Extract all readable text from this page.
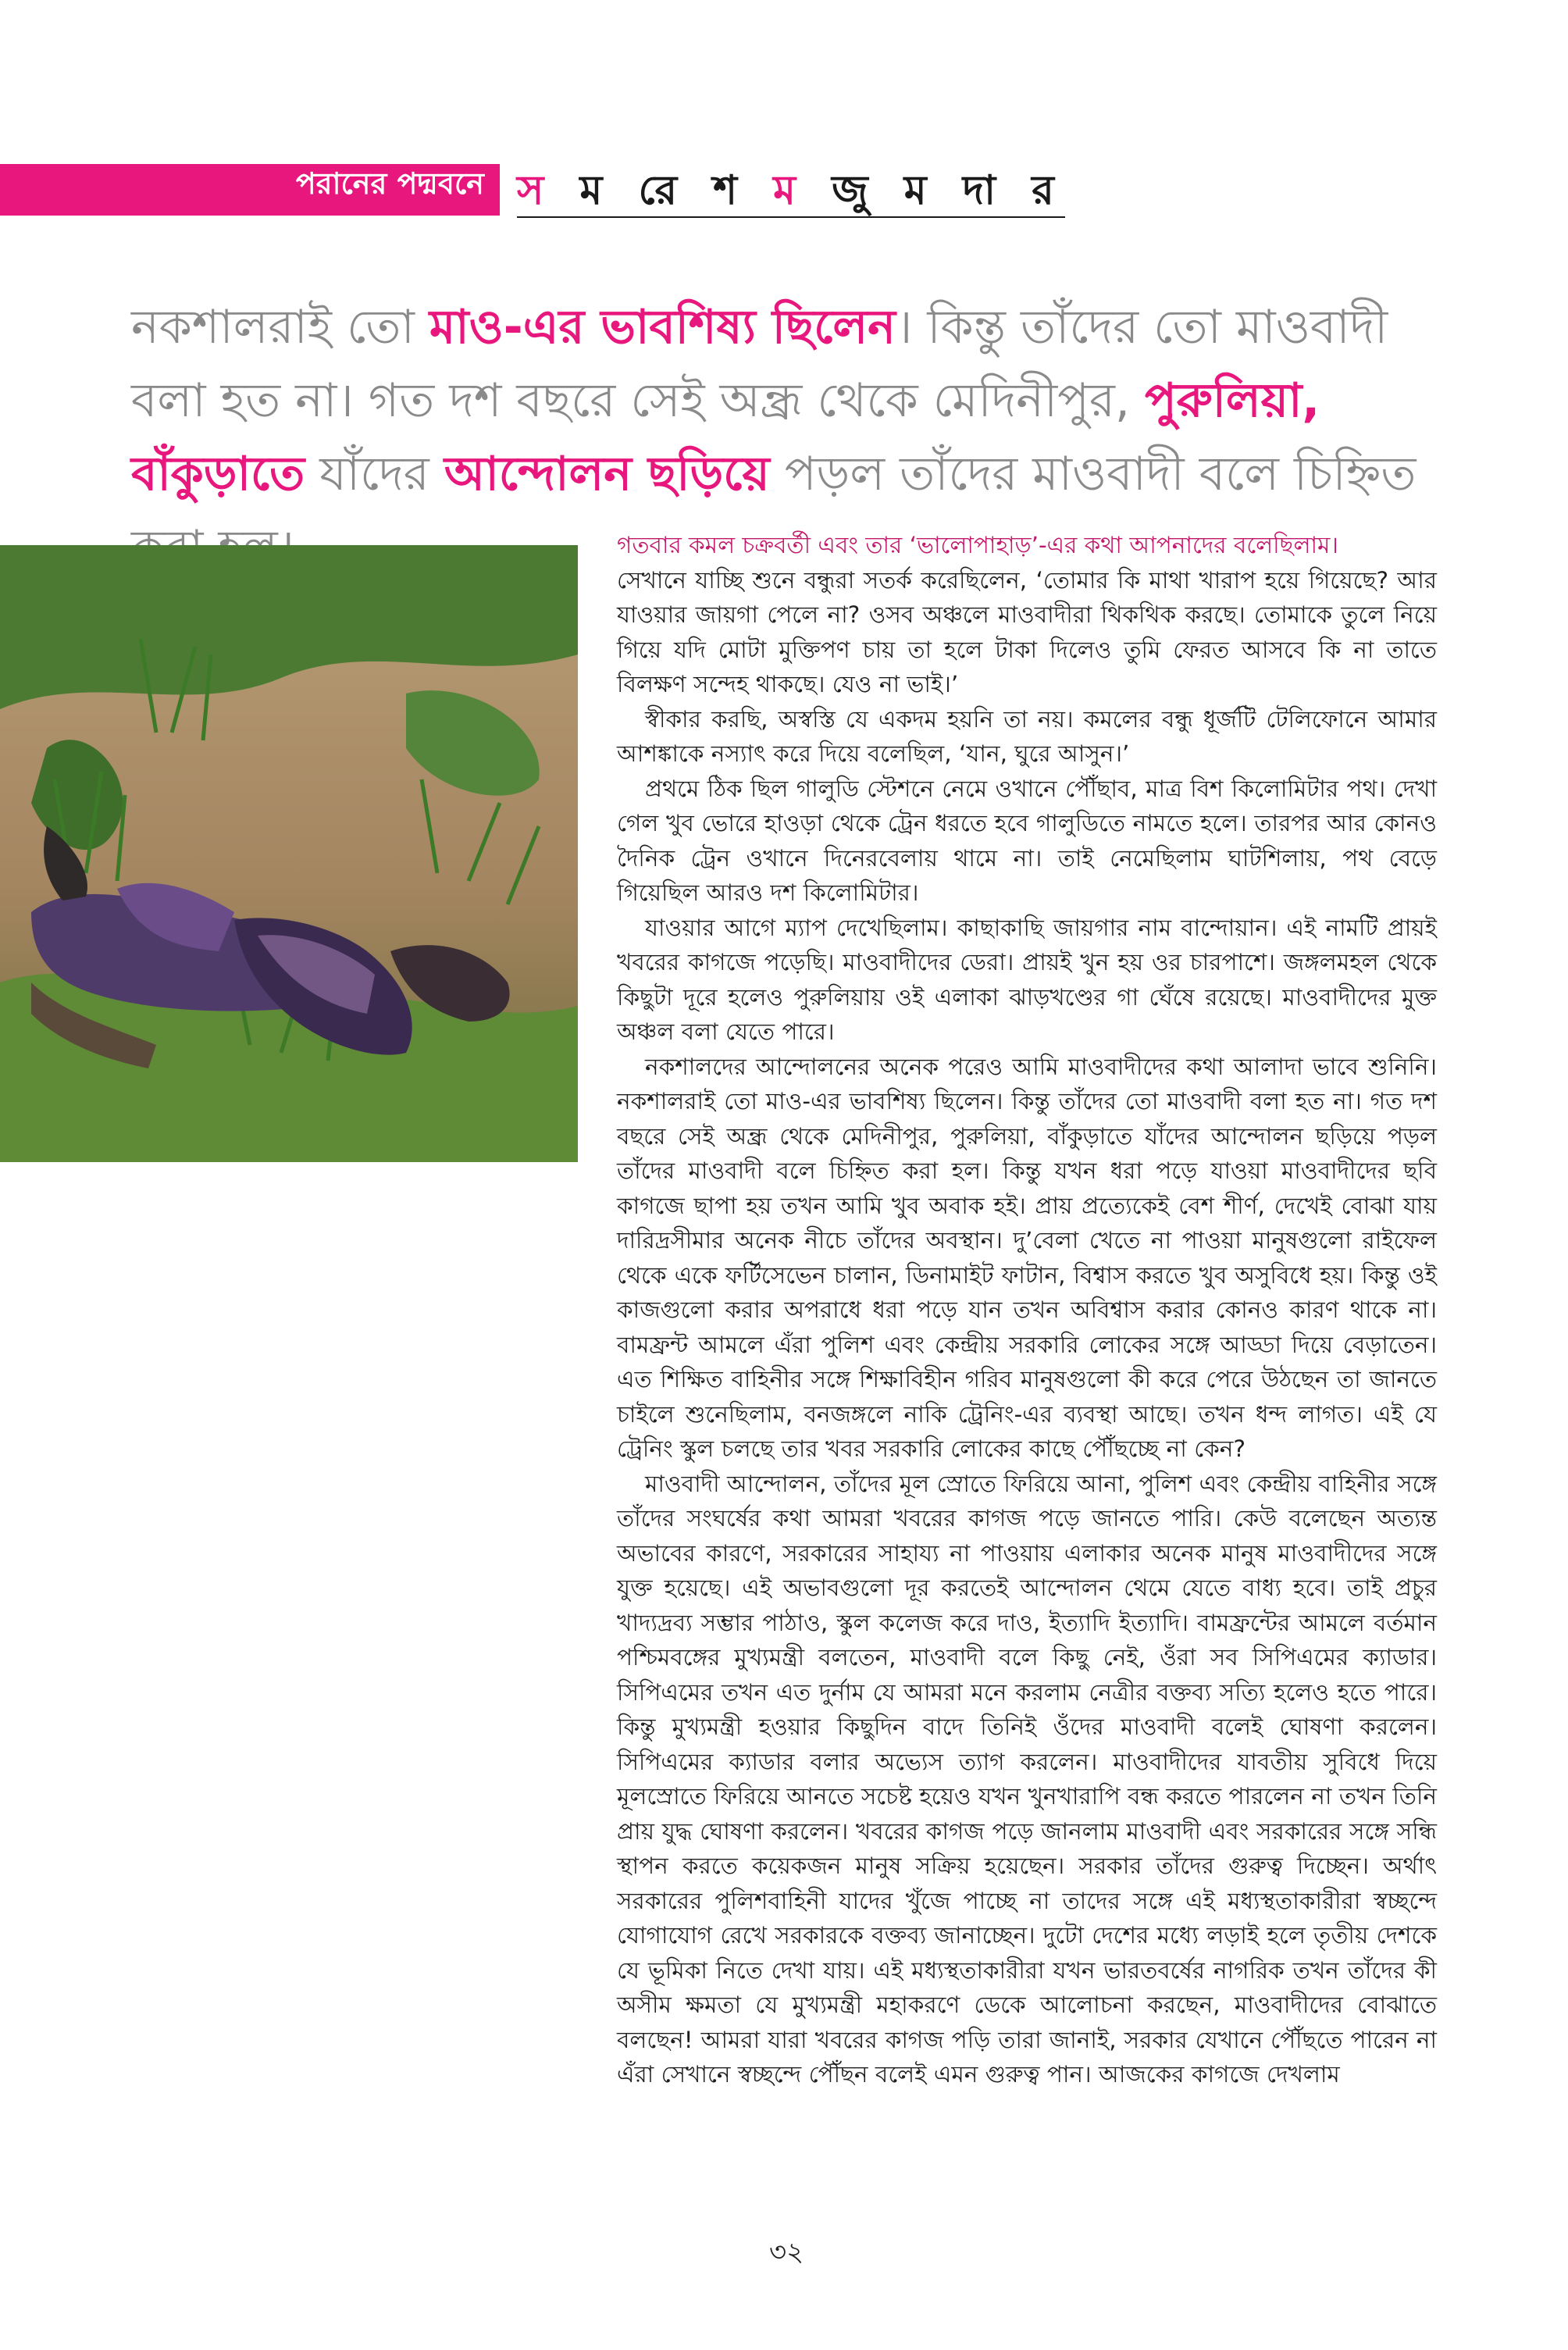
পরানের পদ্মবনে স ম রে শ ম জু ম দা র
নকশালরাই তো মাও-এর ভাবশিষ্য ছিলেন। কিন্তু তাঁদের তো মাওবাদী বলা হত না। গত দশ বছরে সেই অন্ধ্র থেকে মেদিনীপুর, পুরুলিয়া, বাঁকুড়াতে যাঁদের আন্দোলন ছড়িয়ে পড়ল তাঁদের মাওবাদী বলে চিহ্নিত

গতবার কমল চক্রবর্তী এবং তার ‘ভালোপাহাড়’-এর কথা আপনাদের বলেছিলাম।

সেখানে যাচ্ছি শুনে বন্ধুরা সতর্ক করেছিলেন, ‘তোমার কি মাথা খারাপ হয়ে গিয়েছে? আর যাওয়ার জায়গা পেলে না? ওসব অঞ্চলে মাওবাদীরা থিকথিক করছে। তোমাকে তুলে নিয়ে গিয়ে যদি মোটা মুক্তিপণ চায় তা হলে টাকা দিলেও তুমি ফেরত আসবে কি না তাতে বিলক্ষণ সন্দেহ থাকছে। যেও না ভাই।’

স্বীকার করছি, অস্বস্তি যে একদম হয়নি তা নয়। কমলের বন্ধু ধূর্জটি টেলিফোনে আমার আশঙ্কাকে নস্যাৎ করে দিয়ে বলেছিল, ‘যান, ঘুরে আসুন।’

প্রথমে ঠিক ছিল গালুডি স্টেশনে নেমে ওখানে পৌঁছাব, মাত্র বিশ কিলোমিটার পথ। দেখা গেল খুব ভোরে হাওড়া থেকে ট্রেন ধরতে হবে গালুডিতে নামতে হলে। তারপর আর কোনও দৈনিক ট্রেন ওখানে দিনেরবেলায় থামে না। তাই নেমেছিলাম ঘাটশিলায়, পথ বেড়ে গিয়েছিল আরও দশ কিলোমিটার।

যাওয়ার আগে ম্যাপ দেখেছিলাম। কাছাকাছি জায়গার নাম বান্দোয়ান। এই নামটি প্রায়ই খবরের কাগজে পড়েছি। মাওবাদীদের ডেরা। প্রায়ই খুন হয় ওর চারপাশে। জঙ্গলমহল থেকে কিছুটা দূরে হলেও পুরুলিয়ায় ওই এলাকা ঝাড়খণ্ডের গা ঘেঁষে রয়েছে। মাওবাদীদের মুক্ত অঞ্চল বলা যেতে পারে।

নকশালদের আন্দোলনের অনেক পরেও আমি মাওবাদীদের কথা আলাদা ভাবে শুনিনি। নকশালরাই তো মাও-এর ভাবশিষ্য ছিলেন। কিন্তু তাঁদের তো মাওবাদী বলা হত না। গত দশ বছরে সেই অন্ধ্র থেকে মেদিনীপুর, পুরুলিয়া, বাঁকুড়াতে যাঁদের আন্দোলন ছড়িয়ে পড়ল তাঁদের মাওবাদী বলে চিহ্নিত করা হল। কিন্তু যখন ধরা পড়ে যাওয়া মাওবাদীদের ছবি কাগজে ছাপা হয় তখন আমি খুব অবাক হই। প্রায় প্রত্যেকেই বেশ শীর্ণ, দেখেই বোঝা যায় দারিদ্রসীমার অনেক নীচে তাঁদের অবস্থান। দু’বেলা খেতে না পাওয়া মানুষগুলো রাইফেল থেকে একে ফর্টিসেভেন চালান, ডিনামাইট ফাটান, বিশ্বাস করতে খুব অসুবিধে হয়। কিন্তু ওই কাজগুলো করার অপরাধে ধরা পড়ে যান তখন অবিশ্বাস করার কোনও কারণ থাকে না। বামফ্রন্ট আমলে এঁরা পুলিশ এবং কেন্দ্রীয় সরকারি লোকের সঙ্গে আড্ডা দিয়ে বেড়াতেন। এত শিক্ষিত বাহিনীর সঙ্গে শিক্ষাবিহীন গরিব মানুষগুলো কী করে পেরে উঠছেন তা জানতে চাইলে শুনেছিলাম, বনজঙ্গলে নাকি ট্রেনিং-এর ব্যবস্থা আছে। তখন ধন্দ লাগত। এই যে ট্রেনিং স্কুল চলছে তার খবর সরকারি লোকের কাছে পৌঁছচ্ছে না কেন?

মাওবাদী আন্দোলন, তাঁদের মূল স্রোতে ফিরিয়ে আনা, পুলিশ এবং কেন্দ্রীয় বাহিনীর সঙ্গে তাঁদের সংঘর্ষের কথা আমরা খবরের কাগজ পড়ে জানতে পারি। কেউ বলেছেন অত্যন্ত অভাবের কারণে, সরকারের সাহায্য না পাওয়ায় এলাকার অনেক মানুষ মাওবাদীদের সঙ্গে যুক্ত হয়েছে। এই অভাবগুলো দূর করতেই আন্দোলন থেমে যেতে বাধ্য হবে। তাই প্রচুর খাদ্যদ্রব্য সম্ভার পাঠাও, স্কুল কলেজ করে দাও, ইত্যাদি ইত্যাদি। বামফ্রন্টের আমলে বর্তমান পশ্চিমবঙ্গের মুখ্যমন্ত্রী বলতেন, মাওবাদী বলে কিছু নেই, ওঁরা সব সিপিএমের ক্যাডার। সিপিএমের তখন এত দুর্নাম যে আমরা মনে করলাম নেত্রীর বক্তব্য সত্যি হলেও হতে পারে। কিন্তু মুখ্যমন্ত্রী হওয়ার কিছুদিন বাদে তিনিই ওঁদের মাওবাদী বলেই ঘোষণা করলেন। সিপিএমের ক্যাডার বলার অভ্যেস ত্যাগ করলেন। মাওবাদীদের যাবতীয় সুবিধে দিয়ে মূলস্রোতে ফিরিয়ে আনতে সচেষ্ট হয়েও যখন খুনখারাপি বন্ধ করতে পারলেন না তখন তিনি প্রায় যুদ্ধ ঘোষণা করলেন। খবরের কাগজ পড়ে জানলাম মাওবাদী এবং সরকারের সঙ্গে সন্ধি স্থাপন করতে কয়েকজন মানুষ সক্রিয় হয়েছেন। সরকার তাঁদের গুরুত্ব দিচ্ছেন। অর্থাৎ সরকারের পুলিশবাহিনী যাদের খুঁজে পাচ্ছে না তাদের সঙ্গে এই মধ্যস্থতাকারীরা স্বচ্ছন্দে যোগাযোগ রেখে সরকারকে বক্তব্য জানাচ্ছেন। দুটো দেশের মধ্যে লড়াই হলে তৃতীয় দেশকে যে ভূমিকা নিতে দেখা যায়। এই মধ্যস্থতাকারীরা যখন ভারতবর্ষের নাগরিক তখন তাঁদের কী অসীম ক্ষমতা যে মুখ্যমন্ত্রী মহাকরণে ডেকে আলোচনা করছেন, মাওবাদীদের বোঝাতে বলছেন! আমরা যারা খবরের কাগজ পড়ি তারা জানাই, সরকার যেখানে পৌঁছতে পারেন না এঁরা সেখানে স্বচ্ছন্দে পৌঁছন বলেই এমন গুরুত্ব পান। আজকের কাগজে দেখলাম

৩২
